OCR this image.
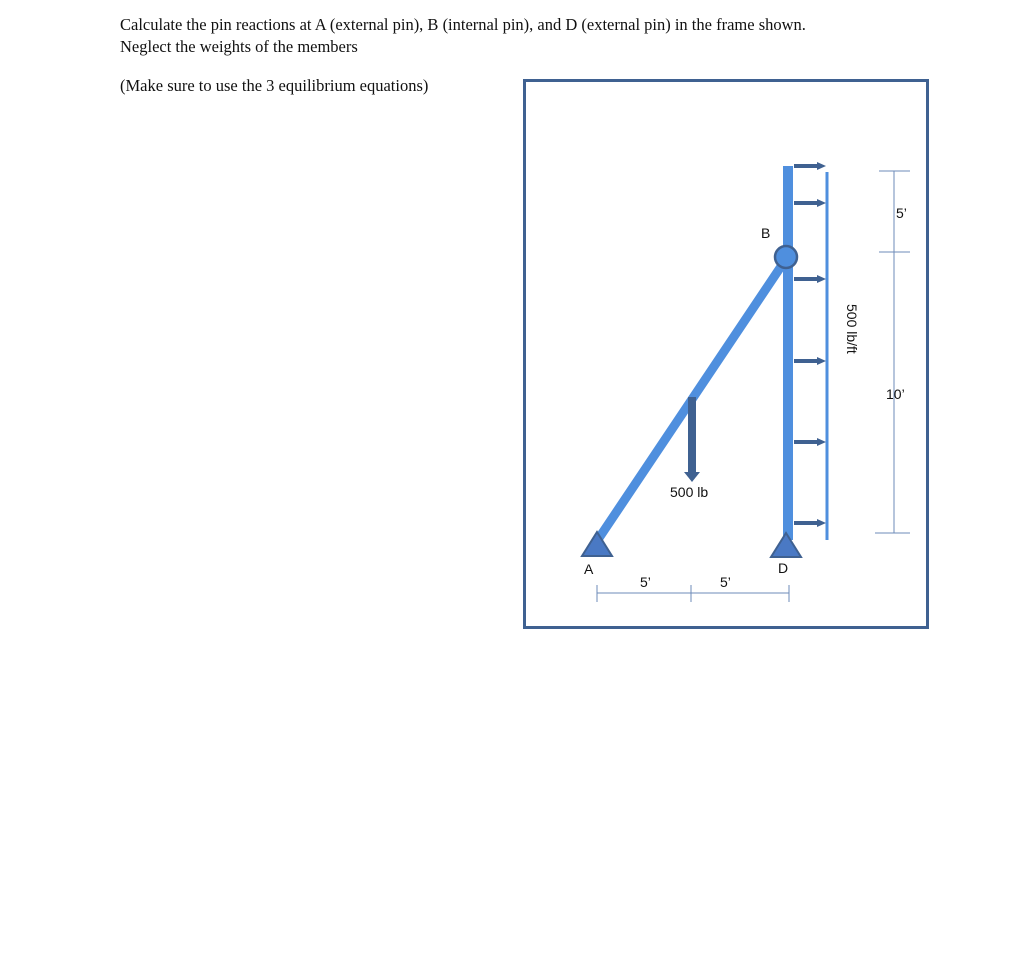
Calculate the pin reactions at A (external pin), B (internal pin), and D (external pin) in the frame shown.

Neglect the weights of the members

(Make sure to use the 3 equilibrium equations)

A
B
D
500 lb
500 lb/ft
5’	5’
5’
10’
